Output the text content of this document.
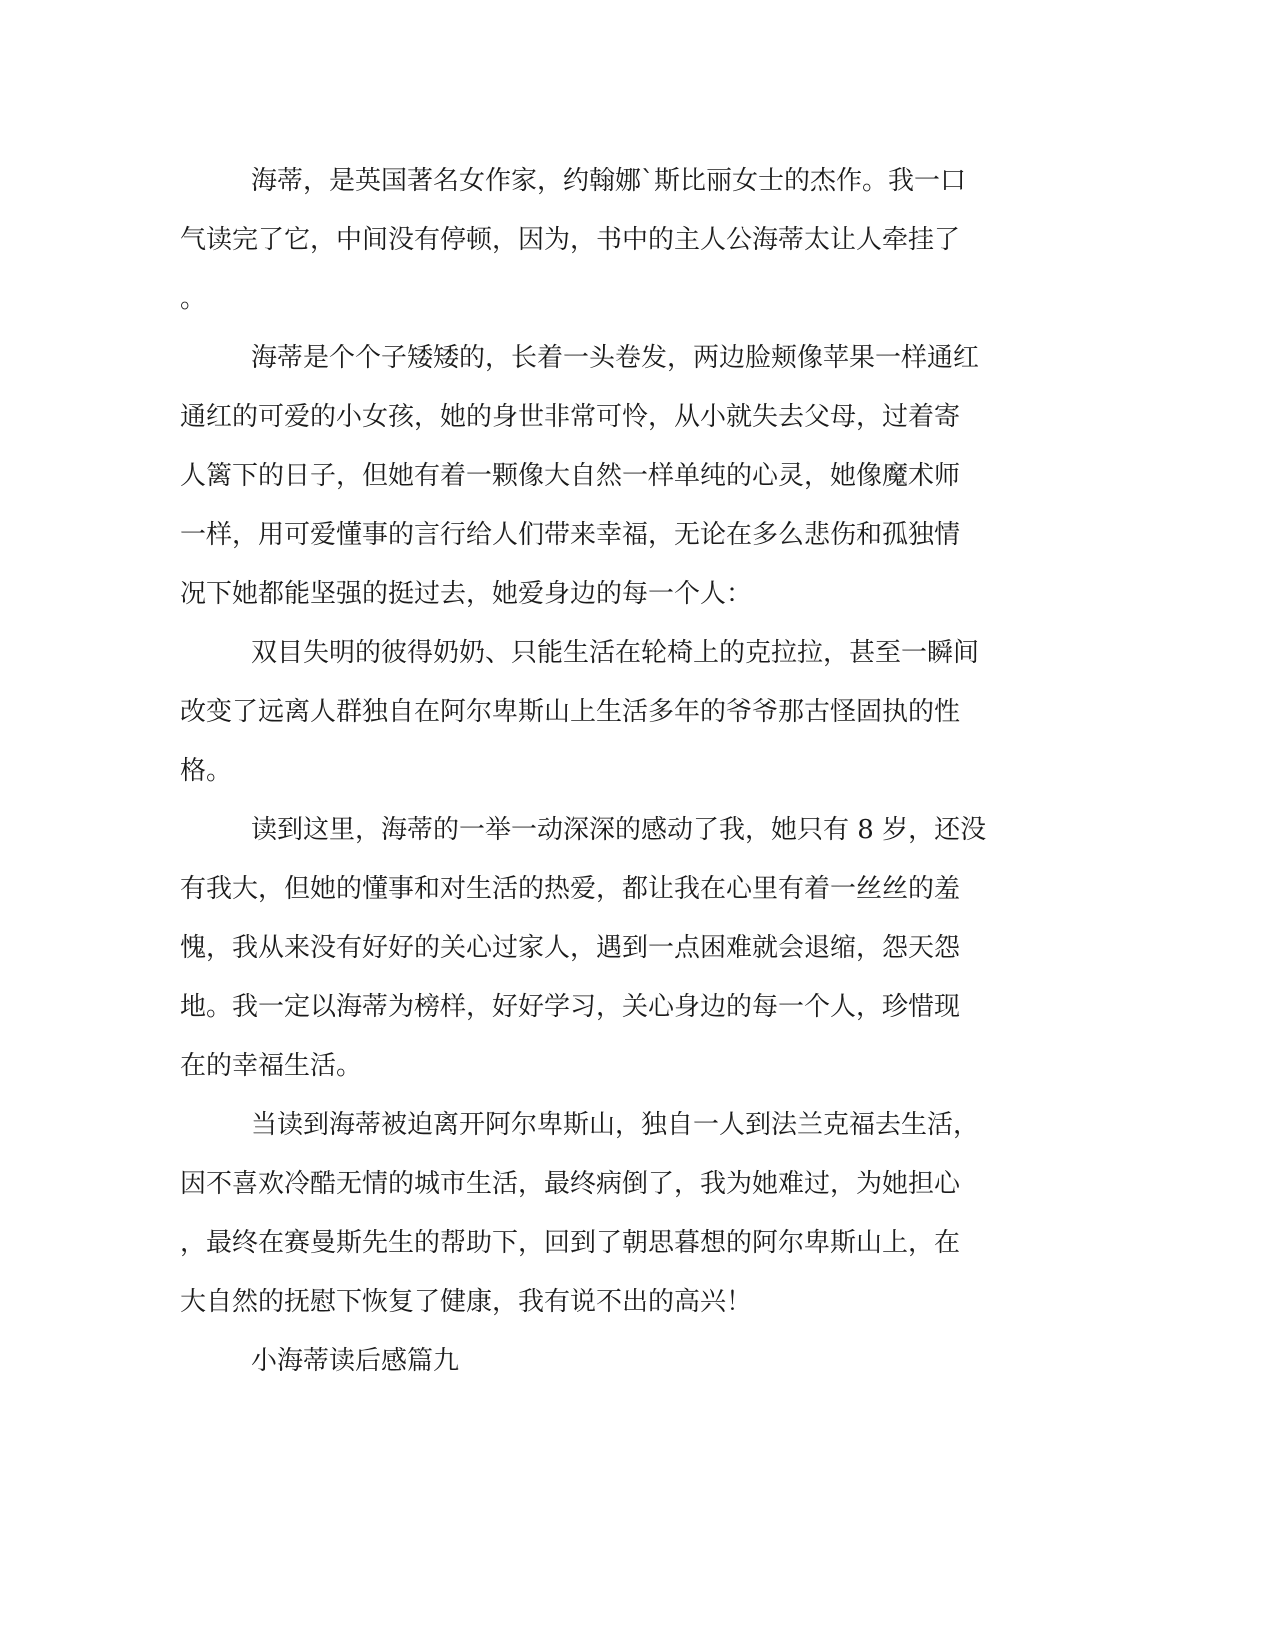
海蒂，是英国著名女作家，约翰娜`斯比丽女士的杰作。我一口

气读完了它，中间没有停顿，因为，书中的主人公海蒂太让人牵挂了

。

海蒂是个个子矮矮的，长着一头卷发，两边脸颊像苹果一样通红

通红的可爱的小女孩，她的身世非常可怜，从小就失去父母，过着寄

人篱下的日子，但她有着一颗像大自然一样单纯的心灵，她像魔术师

一样，用可爱懂事的言行给人们带来幸福，无论在多么悲伤和孤独情

况下她都能坚强的挺过去，她爱身边的每一个人：

双目失明的彼得奶奶、只能生活在轮椅上的克拉拉，甚至一瞬间

改变了远离人群独自在阿尔卑斯山上生活多年的爷爷那古怪固执的性

格。

读到这里，海蒂的一举一动深深的感动了我，她只有 8 岁，还没

有我大，但她的懂事和对生活的热爱，都让我在心里有着一丝丝的羞

愧，我从来没有好好的关心过家人，遇到一点困难就会退缩，怨天怨

地。我一定以海蒂为榜样，好好学习，关心身边的每一个人，珍惜现

在的幸福生活。

当读到海蒂被迫离开阿尔卑斯山，独自一人到法兰克福去生活，

因不喜欢冷酷无情的城市生活，最终病倒了，我为她难过，为她担心

，最终在赛曼斯先生的帮助下，回到了朝思暮想的阿尔卑斯山上，在

大自然的抚慰下恢复了健康，我有说不出的高兴！

小海蒂读后感篇九
